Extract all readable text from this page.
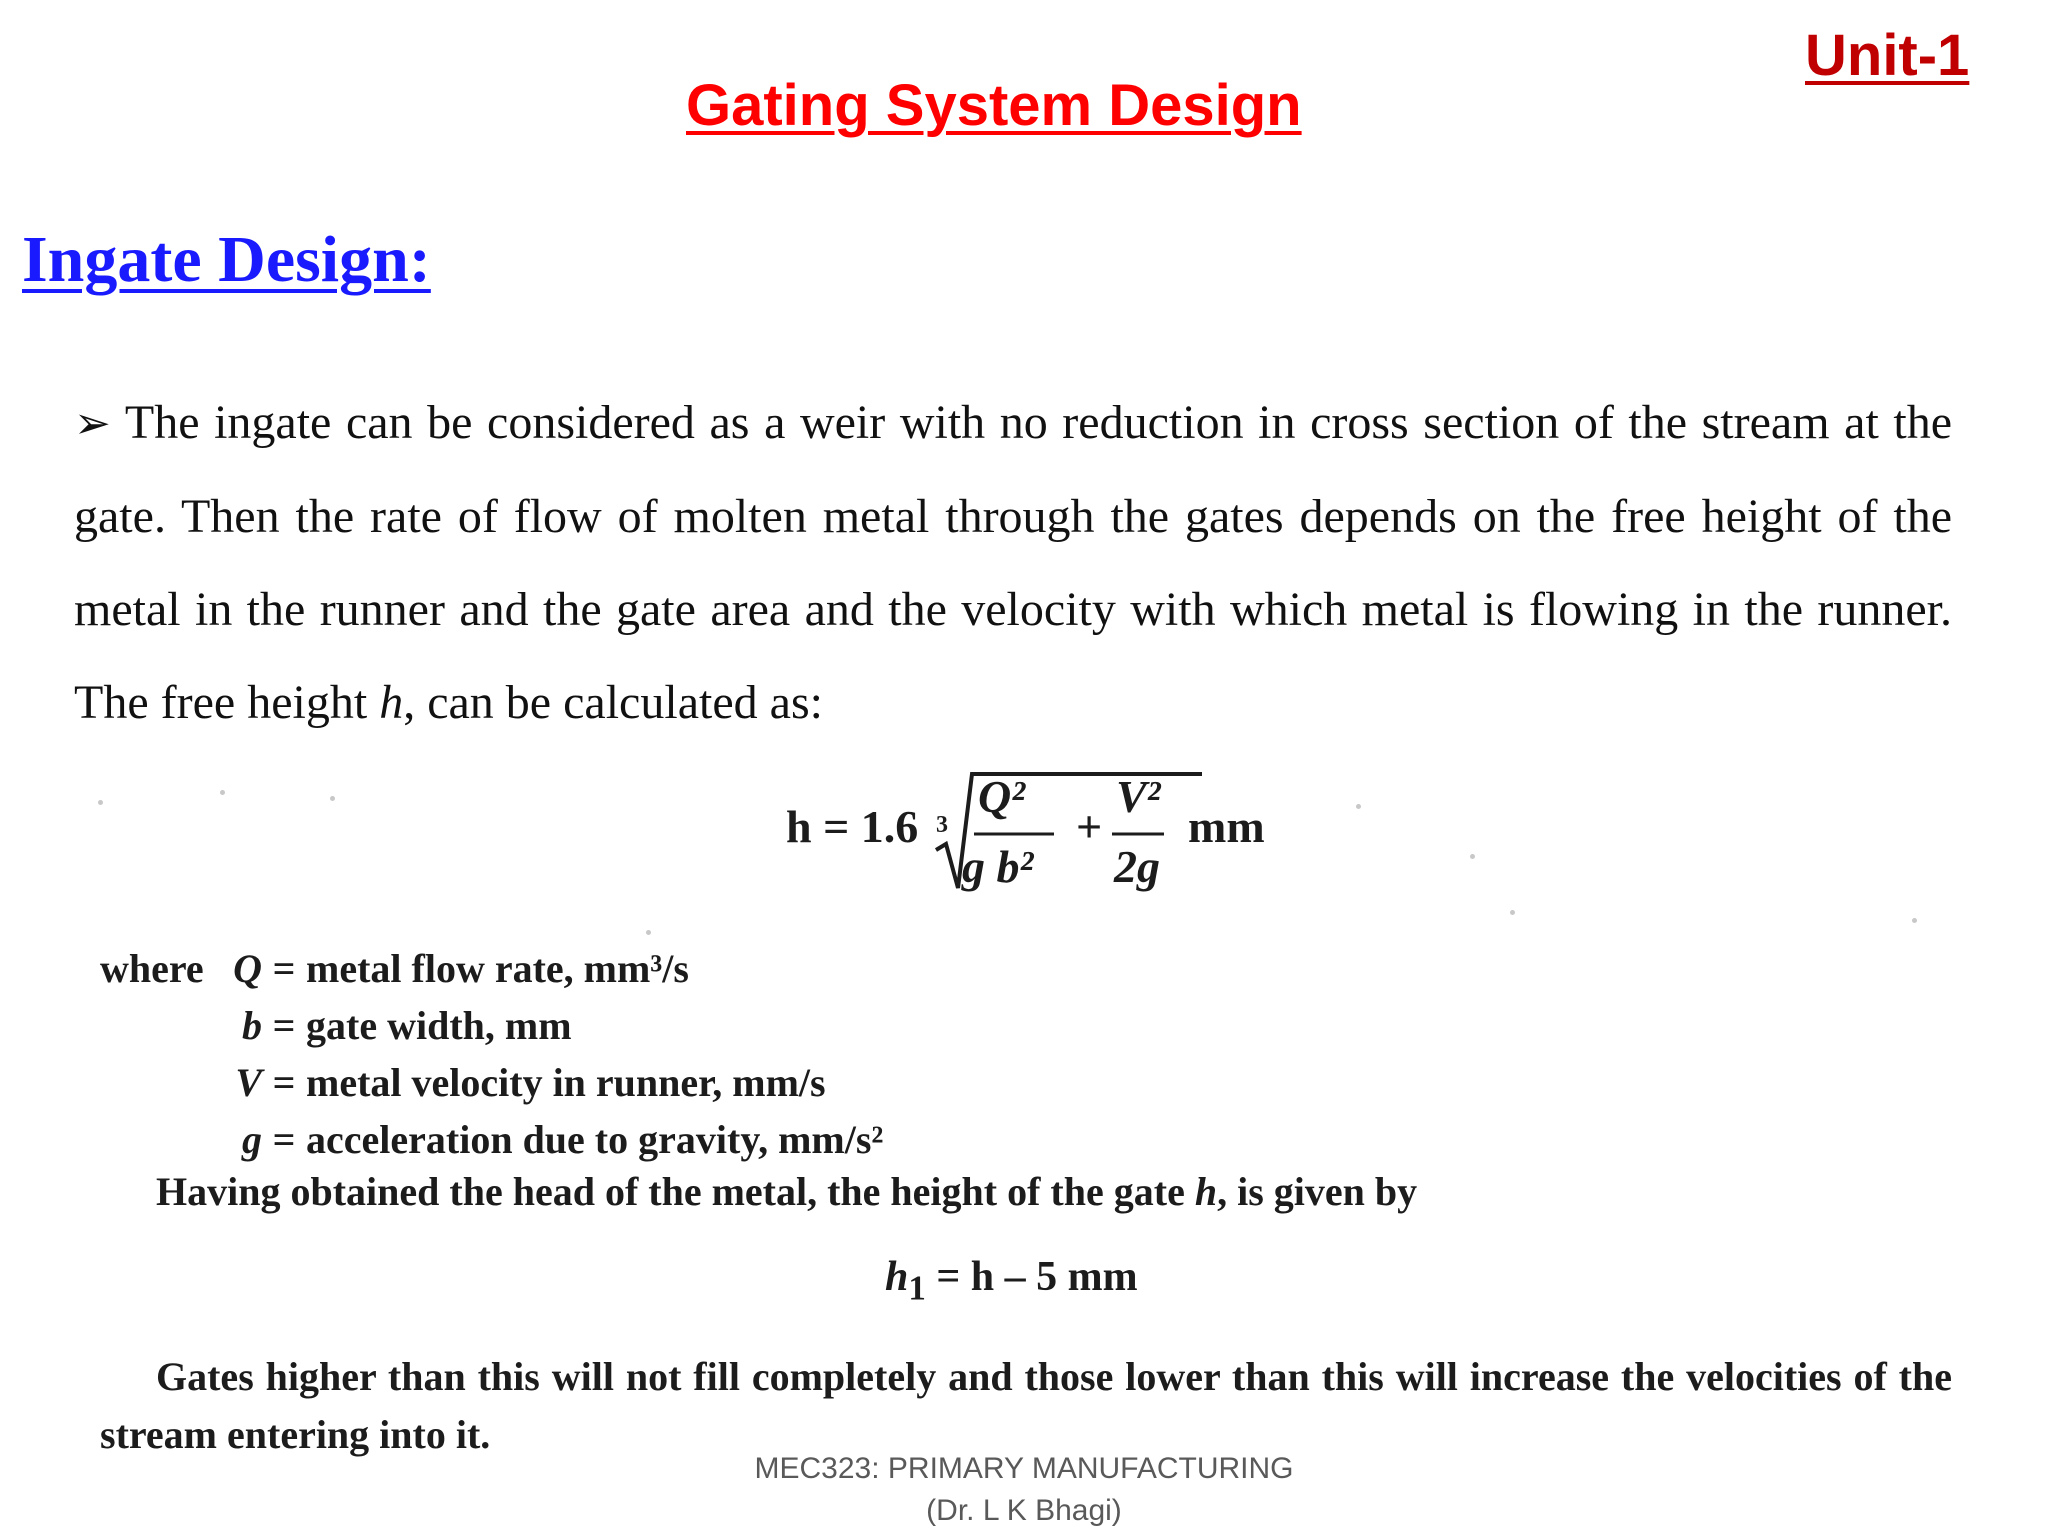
Unit-1
Gating System Design
Ingate Design:
➢ The ingate can be considered as a weir with no reduction in cross section of the stream at the gate. Then the rate of flow of molten metal through the gates depends on the free height of the metal in the runner and the gate area and the velocity with which metal is flowing in the runner. The free height h, can be calculated as:
h = 1.6 3
Q²
g b²
+
V²
2g
mm
where Q = metal flow rate, mm³/s
b = gate width, mm
V = metal velocity in runner, mm/s
g = acceleration due to gravity, mm/s²
Having obtained the head of the metal, the height of the gate h, is given by
$h_1 = h - 5$ mm
Gates higher than this will not fill completely and those lower than this will increase the velocities of the stream entering into it.
MEC323: PRIMARY MANUFACTURING
(Dr. L K Bhagi)
